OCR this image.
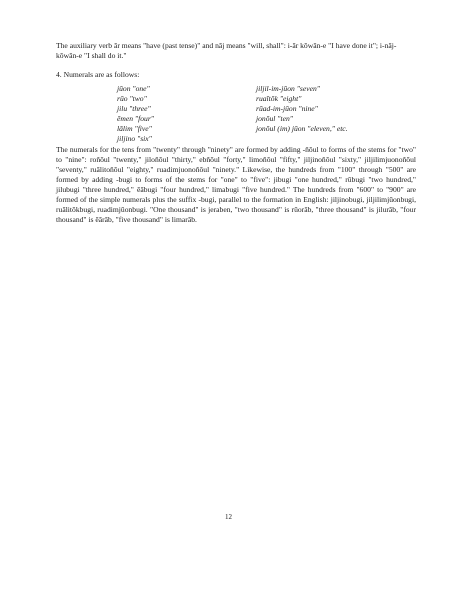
The auxiliary verb ār means "have (past tense)" and nāj means "will, shall": i-ār kōwān-e "I have done it"; i-nāj-kōwān-e "I shall do it."
4. Numerals are as follows:
jūon "one"
rūo "two"
jilu "three"
ēmen "four"
lālim "five"
jiljino "six"
jiljil-im-jūon "seven"
ruaītōk "eight"
rūad-im-jūon "nine"
jonōul "ten"
jonōul (im) jūon "eleven," etc.
The numerals for the tens from "twenty" through "ninety" are formed by adding -ñōul to forms of the stems for "two" to "nine": roñōul "twenty," jiloñōul "thirty," ebñōul "forty," limoñōul "fifty," jiljinoñōul "sixty," jiljilimjuonoñōul "seventy," ruālitoñōul "eighty," ruadimjuonoñōul "ninety." Likewise, the hundreds from "100" through "500" are formed by adding -bugi to forms of the stems for "one" to "five": jibugi "one hundred," rūbugi "two hundred," jilubugi "three hundred," ēābugi "four hundred," limabugi "five hundred." The hundreds from "600" to "900" are formed of the simple numerals plus the suffix -bugi, parallel to the formation in English: jiljinobugi, jiljilimjūonbugi, ruālitōkbugi, ruadimjūonbugi. "One thousand" is jeraben, "two thousand" is rūorāb, "three thousand" is jilurāb, "four thousand" is ēārāb, "five thousand" is limarāb.
12
